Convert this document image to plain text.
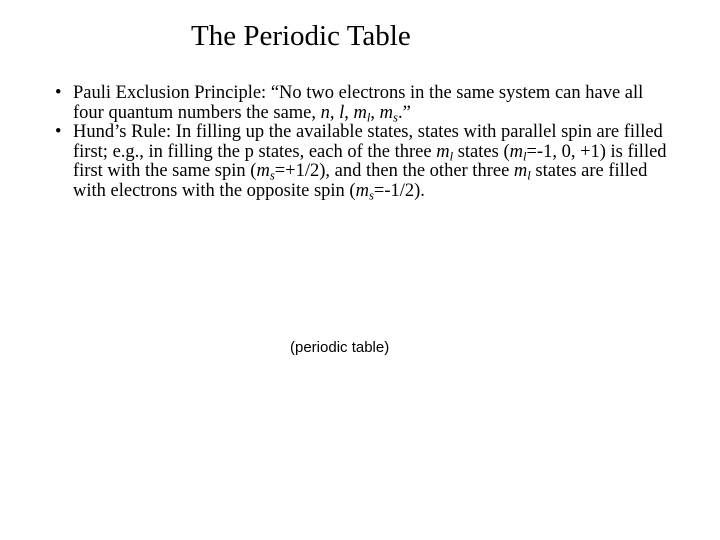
The Periodic Table
• Pauli Exclusion Principle: “No two electrons in the same system can have all four quantum numbers the same, n, l, $m_l$, $m_s$.”
• Hund’s Rule: In filling up the available states, states with parallel spin are filled first; e.g., in filling the p states, each of the three $m_l$ states ($m_l=-1$, 0, +1) is filled first with the same spin $(m_s=+1/2)$, and then the other three $m_l$ states are filled with electrons with the opposite spin $(m_s=-1/2)$.
(periodic table)
